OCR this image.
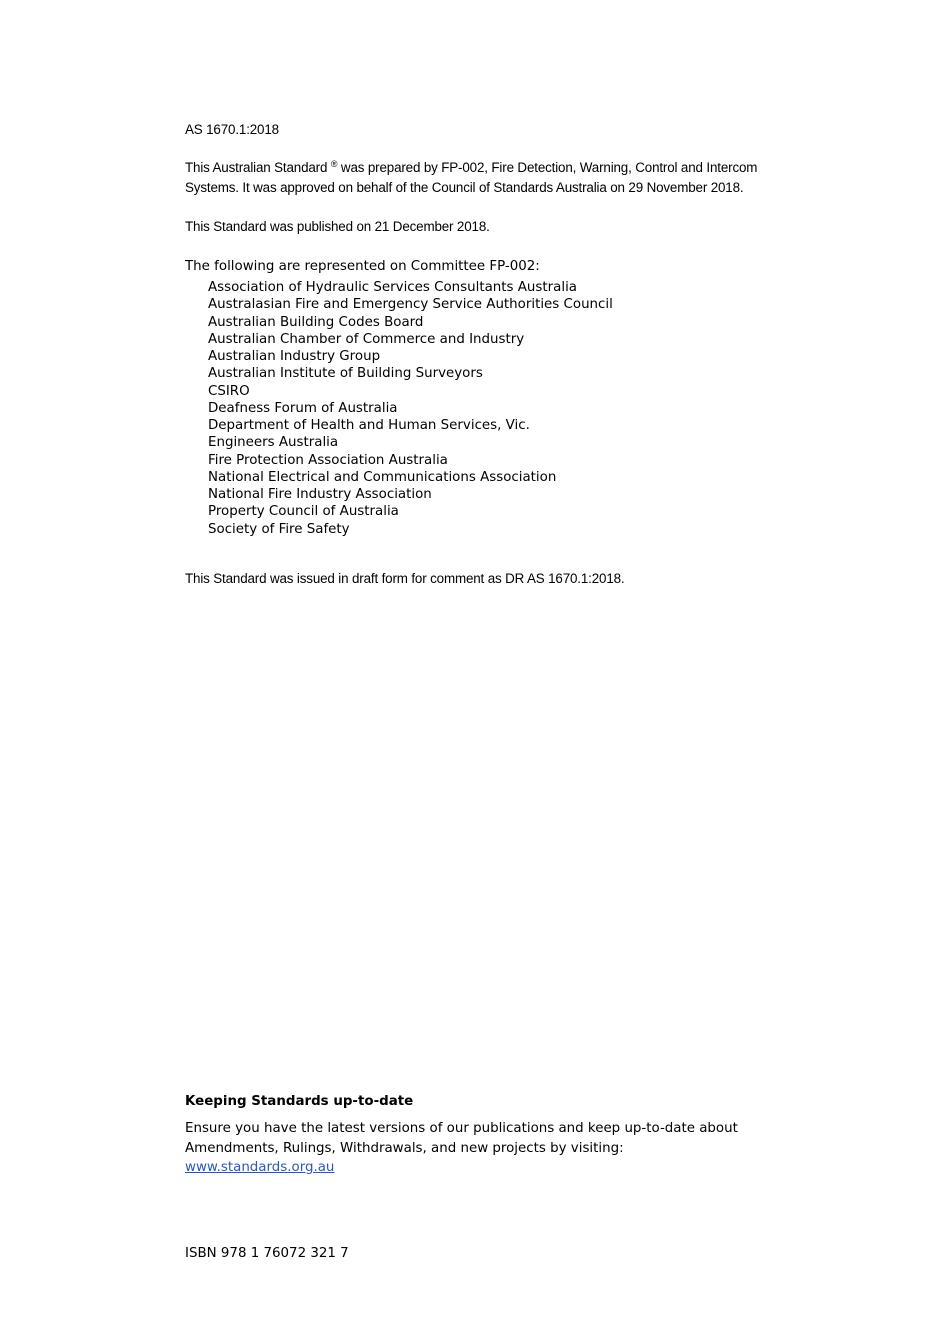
AS 1670.1:2018

This Australian Standard ® was prepared by FP-002, Fire Detection, Warning, Control and Intercom Systems. It was approved on behalf of the Council of Standards Australia on 29 November 2018.

This Standard was published on 21 December 2018.

The following are represented on Committee FP-002:

Association of Hydraulic Services Consultants Australia
Australasian Fire and Emergency Service Authorities Council
Australian Building Codes Board
Australian Chamber of Commerce and Industry
Australian Industry Group
Australian Institute of Building Surveyors
CSIRO
Deafness Forum of Australia
Department of Health and Human Services, Vic.
Engineers Australia
Fire Protection Association Australia
National Electrical and Communications Association
National Fire Industry Association
Property Council of Australia
Society of Fire Safety

This Standard was issued in draft form for comment as DR AS 1670.1:2018.

Keeping Standards up-to-date

Ensure you have the latest versions of our publications and keep up-to-date about Amendments, Rulings, Withdrawals, and new projects by visiting:
www.standards.org.au

ISBN 978 1 76072 321 7
